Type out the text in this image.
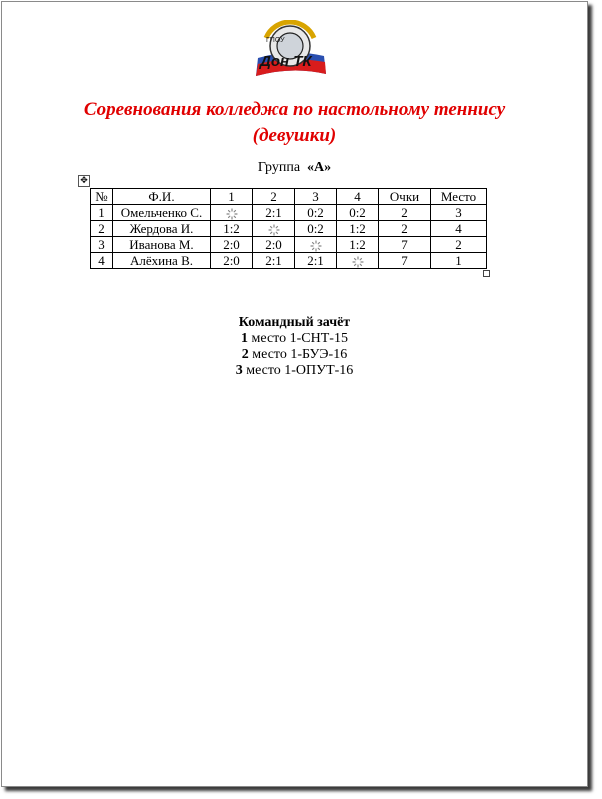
ГПОУ
Дон ТК
Соревнования колледжа по настольному теннису
(девушки)
Группа «А»
✥
№	Ф.И.	1	2	3	4	Очки	Место
1	Омельченко С.		2:1	0:2	0:2	2	3
2	Жердова И.	1:2		0:2	1:2	2	4
3	Иванова М.	2:0	2:0		1:2	7	2
4	Алёхина В.	2:0	2:1	2:1		7	1
Командный зачёт
1 место 1-СНТ-15
2 место 1-БУЭ-16
3 место 1-ОПУТ-16
